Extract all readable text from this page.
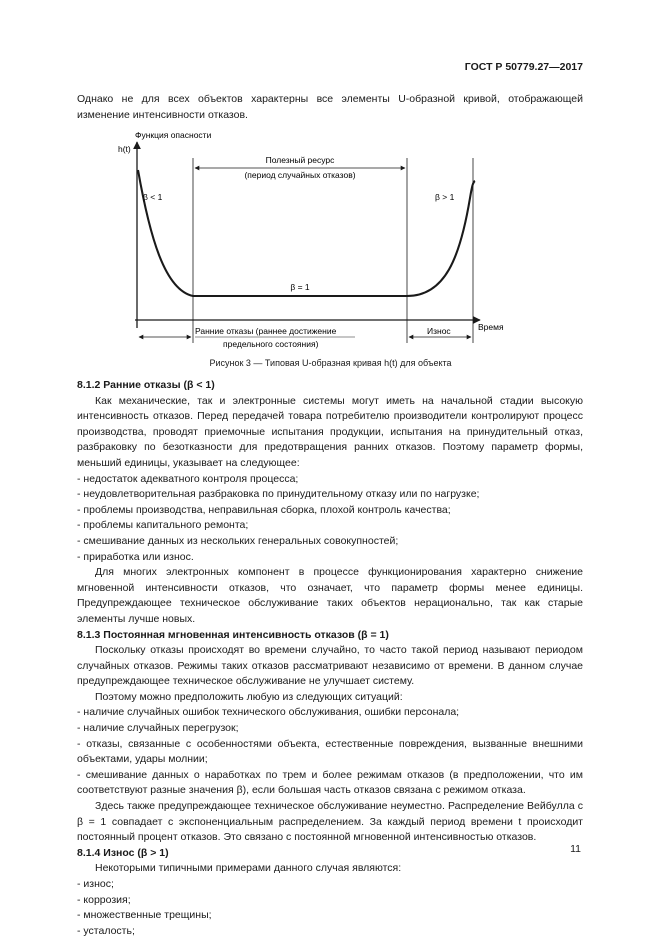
ГОСТ Р 50779.27—2017

Однако не для всех объектов характерны все элементы U-образной кривой, отображающей изменение интенсивности отказов.

Функция опасности
h(t)
Время
Полезный ресурс
(период случайных отказов)
β < 1	β > 1
β = 1
Ранние отказы (раннее достижение
предельного состояния)
Износ
Рисунок 3 — Типовая U-образная кривая h(t) для объекта

8.1.2 Ранние отказы (β < 1)

Как механические, так и электронные системы могут иметь на начальной стадии высокую интенсивность отказов. Перед передачей товара потребителю производители контролируют процесс производства, проводят приемочные испытания продукции, испытания на принудительный отказ, разбраковку по безотказности для предотвращения ранних отказов. Поэтому параметр формы, меньший единицы, указывает на следующее:

- недостаток адекватного контроля процесса;

- неудовлетворительная разбраковка по принудительному отказу или по нагрузке;

- проблемы производства, неправильная сборка, плохой контроль качества;

- проблемы капитального ремонта;

- смешивание данных из нескольких генеральных совокупностей;

- приработка или износ.

Для многих электронных компонент в процессе функционирования характерно снижение мгновенной интенсивности отказов, что означает, что параметр формы менее единицы. Предупреждающее техническое обслуживание таких объектов нерационально, так как старые элементы лучше новых.

8.1.3 Постоянная мгновенная интенсивность отказов (β = 1)

Поскольку отказы происходят во времени случайно, то часто такой период называют периодом случайных отказов. Режимы таких отказов рассматривают независимо от времени. В данном случае предупреждающее техническое обслуживание не улучшает систему.

Поэтому можно предположить любую из следующих ситуаций:

- наличие случайных ошибок технического обслуживания, ошибки персонала;

- наличие случайных перегрузок;

- отказы, связанные с особенностями объекта, естественные повреждения, вызванные внешними объектами, удары молнии;

- смешивание данных о наработках по трем и более режимам отказов (в предположении, что им соответствуют разные значения β), если большая часть отказов связана с режимом отказа.

Здесь также предупреждающее техническое обслуживание неуместно. Распределение Вейбулла с β = 1 совпадает с экспоненциальным распределением. За каждый период времени t происходит постоянный процент отказов. Это связано с постоянной мгновенной интенсивностью отказов.

8.1.4 Износ (β > 1)

Некоторыми типичными примерами данного случая являются:

- износ;

- коррозия;

- множественные трещины;

- усталость;

11
